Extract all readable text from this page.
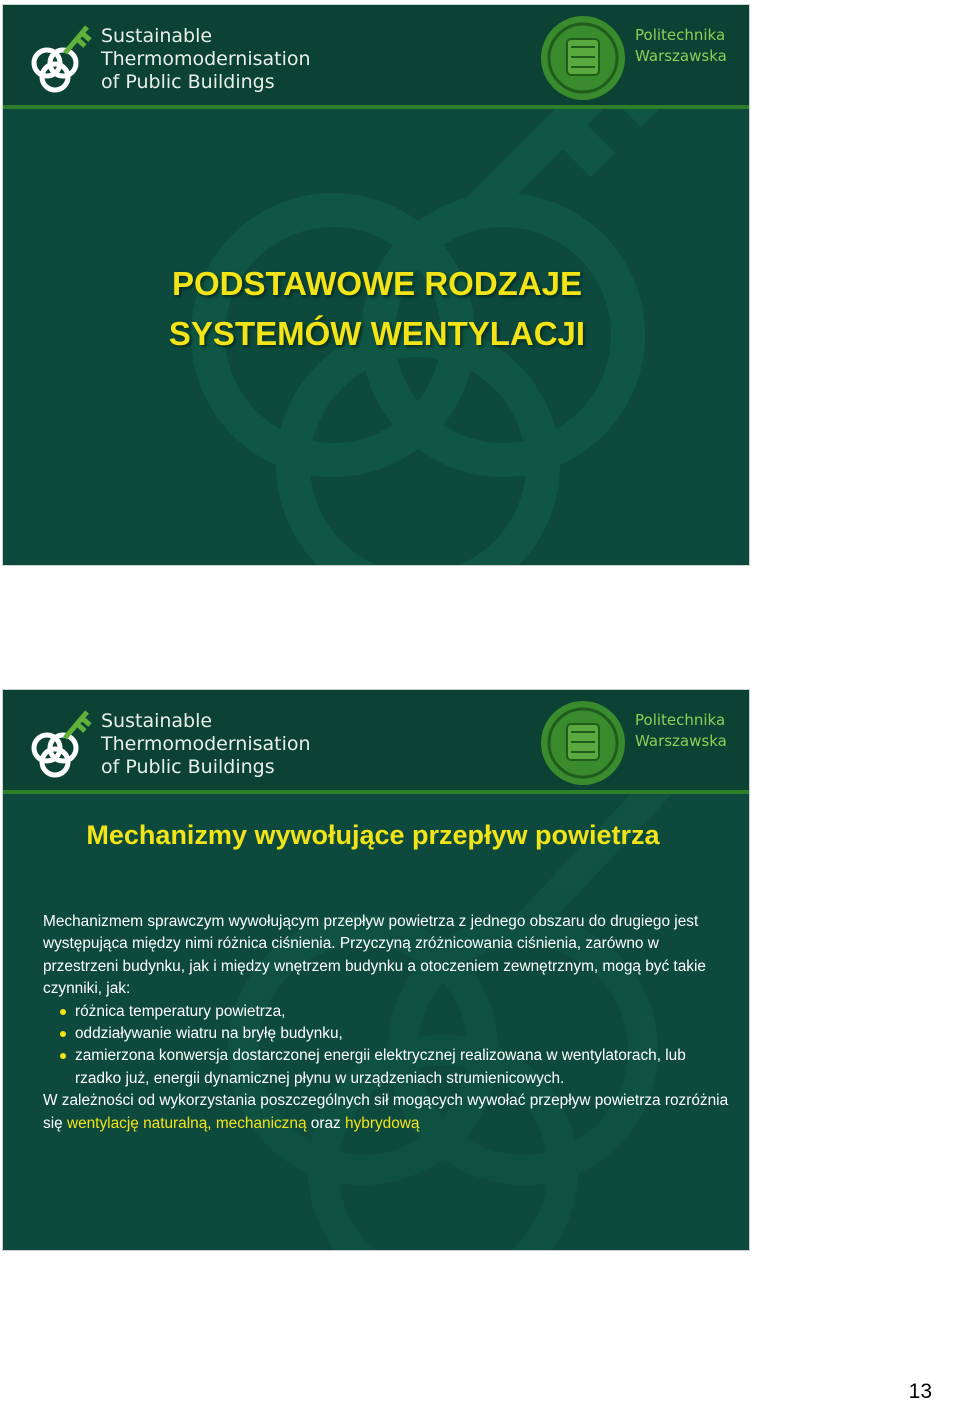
Sustainable
Thermomodernisation
of Public Buildings
Politechnika
Warszawska
PODSTAWOWE RODZAJE
SYSTEMÓW WENTYLACJI
Sustainable
Thermomodernisation
of Public Buildings
Politechnika
Warszawska
Mechanizmy wywołujące przepływ powietrza

Mechanizmem sprawczym wywołującym przepływ powietrza z jednego obszaru do drugiego jest występująca między nimi różnica ciśnienia. Przyczyną zróżnicowania ciśnienia, zarówno w przestrzeni budynku, jak i między wnętrzem budynku a otoczeniem zewnętrznym, mogą być takie czynniki, jak:

różnica temperatury powietrza,
oddziaływanie wiatru na bryłę budynku,
zamierzona konwersja dostarczonej energii elektrycznej realizowana w wentylatorach, lub rzadko już, energii dynamicznej płynu w urządzeniach strumienicowych.

W zależności od wykorzystania poszczególnych sił mogących wywołać przepływ powietrza rozróżnia się wentylację naturalną, mechaniczną oraz hybrydową

13
